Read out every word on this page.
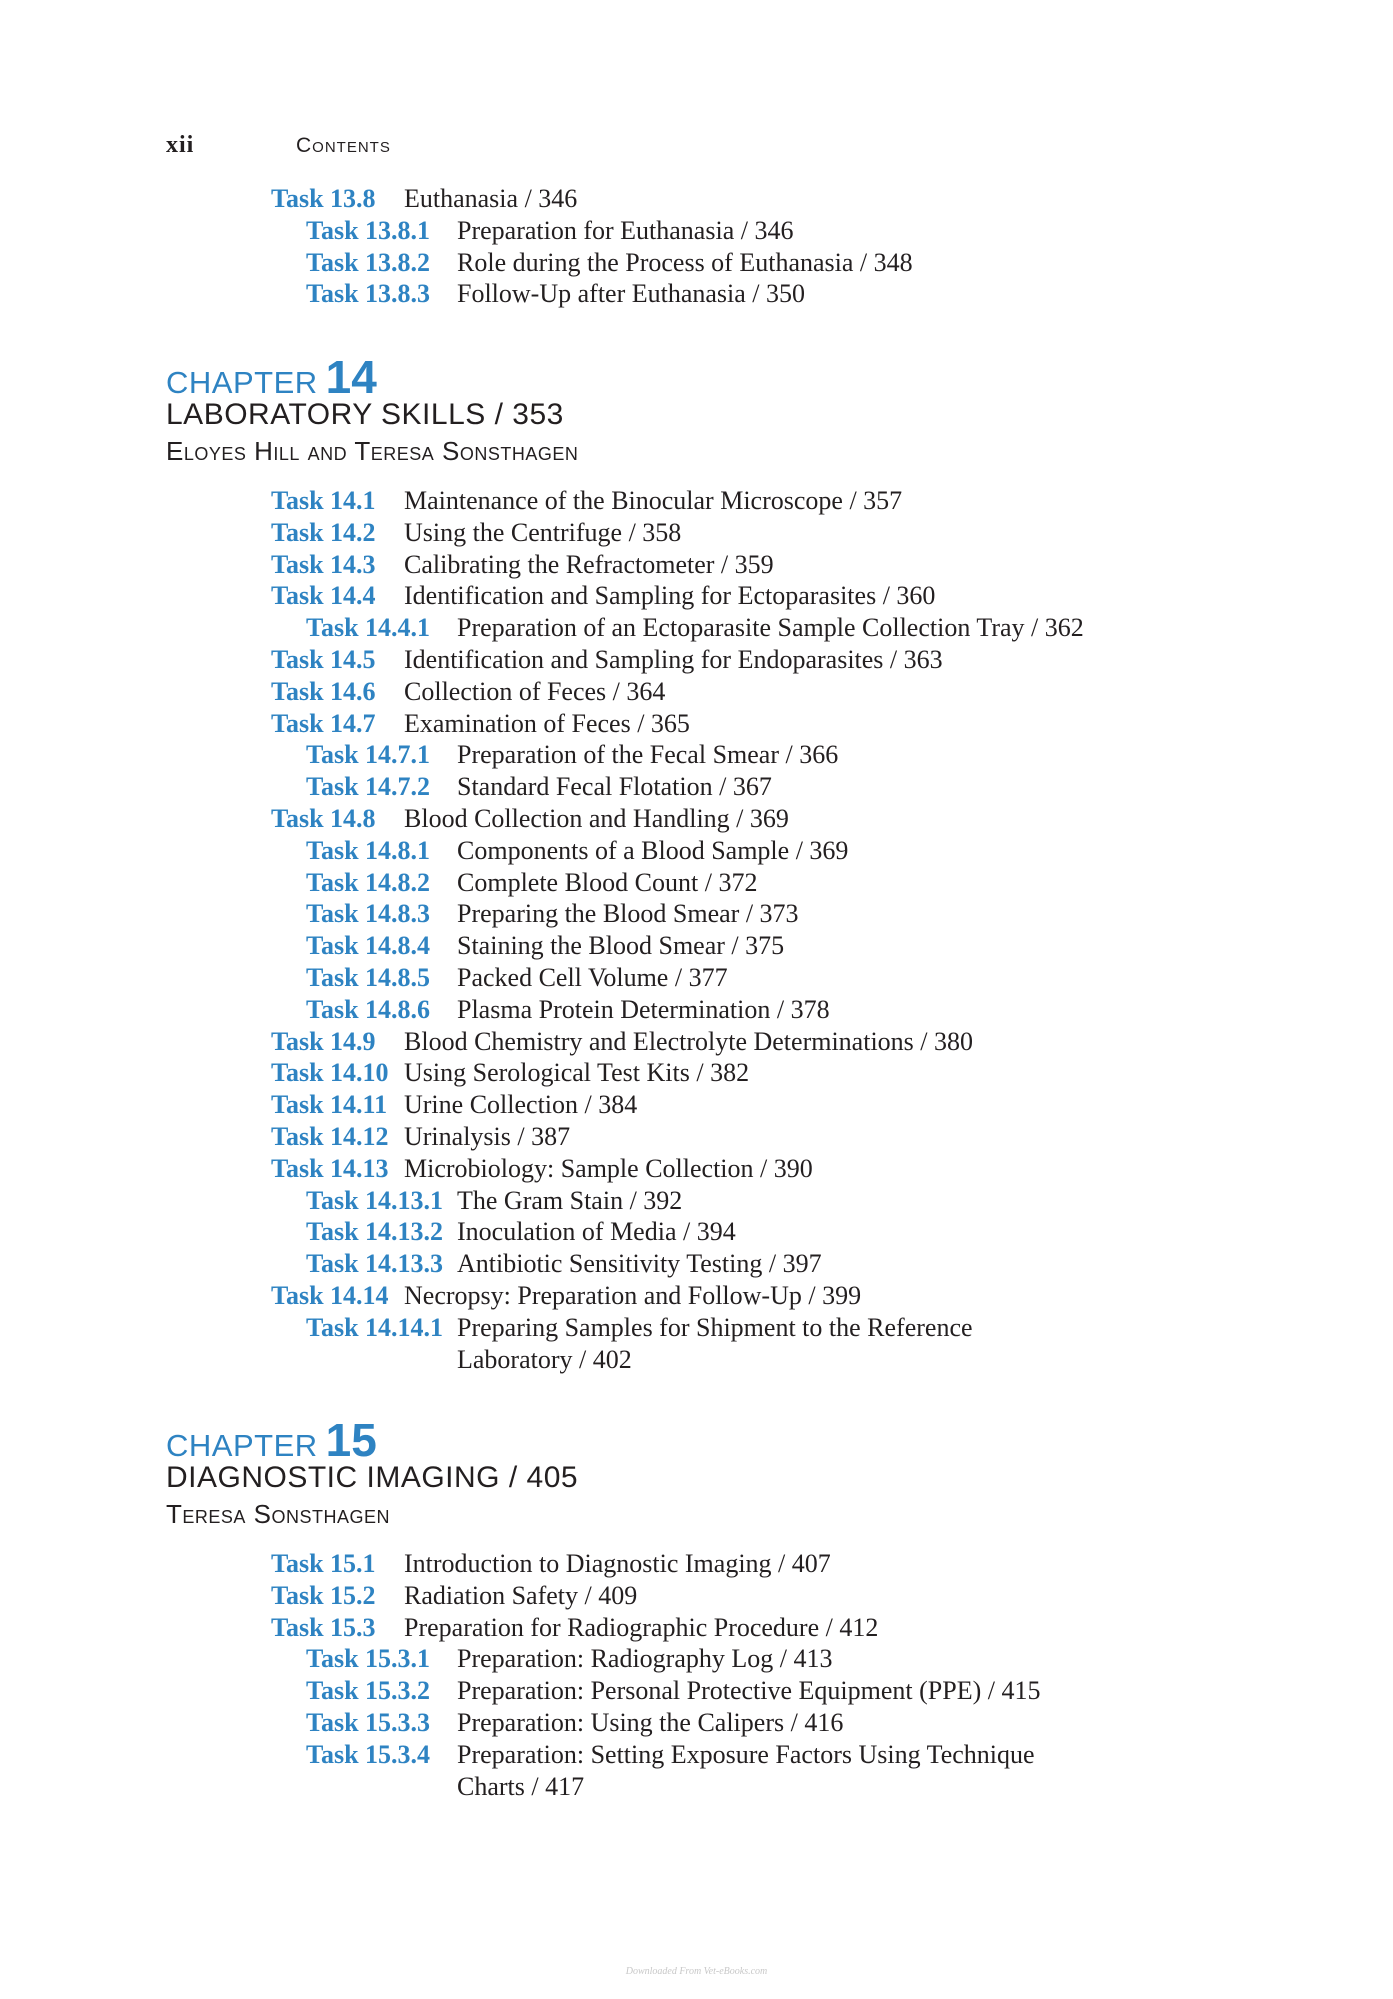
xii	Contents
Task 13.8 Euthanasia / 346
Task 13.8.1 Preparation for Euthanasia / 346
Task 13.8.2 Role during the Process of Euthanasia / 348
Task 13.8.3 Follow-Up after Euthanasia / 350
Task 14.1 Maintenance of the Binocular Microscope / 357
Task 14.2 Using the Centrifuge / 358
Task 14.3 Calibrating the Refractometer / 359
Task 14.4 Identification and Sampling for Ectoparasites / 360
Task 14.4.1 Preparation of an Ectoparasite Sample Collection Tray / 362
Task 14.5 Identification and Sampling for Endoparasites / 363
Task 14.6 Collection of Feces / 364
Task 14.7 Examination of Feces / 365
Task 14.7.1 Preparation of the Fecal Smear / 366
Task 14.7.2 Standard Fecal Flotation / 367
Task 14.8 Blood Collection and Handling / 369
Task 14.8.1 Components of a Blood Sample / 369
Task 14.8.2 Complete Blood Count / 372
Task 14.8.3 Preparing the Blood Smear / 373
Task 14.8.4 Staining the Blood Smear / 375
Task 14.8.5 Packed Cell Volume / 377
Task 14.8.6 Plasma Protein Determination / 378
Task 14.9 Blood Chemistry and Electrolyte Determinations / 380
Task 14.10 Using Serological Test Kits / 382
Task 14.11 Urine Collection / 384
Task 14.12 Urinalysis / 387
Task 14.13 Microbiology: Sample Collection / 390
Task 14.13.1 The Gram Stain / 392
Task 14.13.2 Inoculation of Media / 394
Task 14.13.3 Antibiotic Sensitivity Testing / 397
Task 14.14 Necropsy: Preparation and Follow-Up / 399
Task 14.14.1 Preparing Samples for Shipment to the Reference
Laboratory / 402
Task 15.1 Introduction to Diagnostic Imaging / 407
Task 15.2 Radiation Safety / 409
Task 15.3 Preparation for Radiographic Procedure / 412
Task 15.3.1 Preparation: Radiography Log / 413
Task 15.3.2 Preparation: Personal Protective Equipment (PPE) / 415
Task 15.3.3 Preparation: Using the Calipers / 416
Task 15.3.4 Preparation: Setting Exposure Factors Using Technique
Charts / 417
CHAPTER 14
LABORATORY SKILLS / 353
Eloyes Hill and Teresa Sonsthagen
CHAPTER 15
DIAGNOSTIC IMAGING / 405
Teresa Sonsthagen
Downloaded From Vet-eBooks.com
